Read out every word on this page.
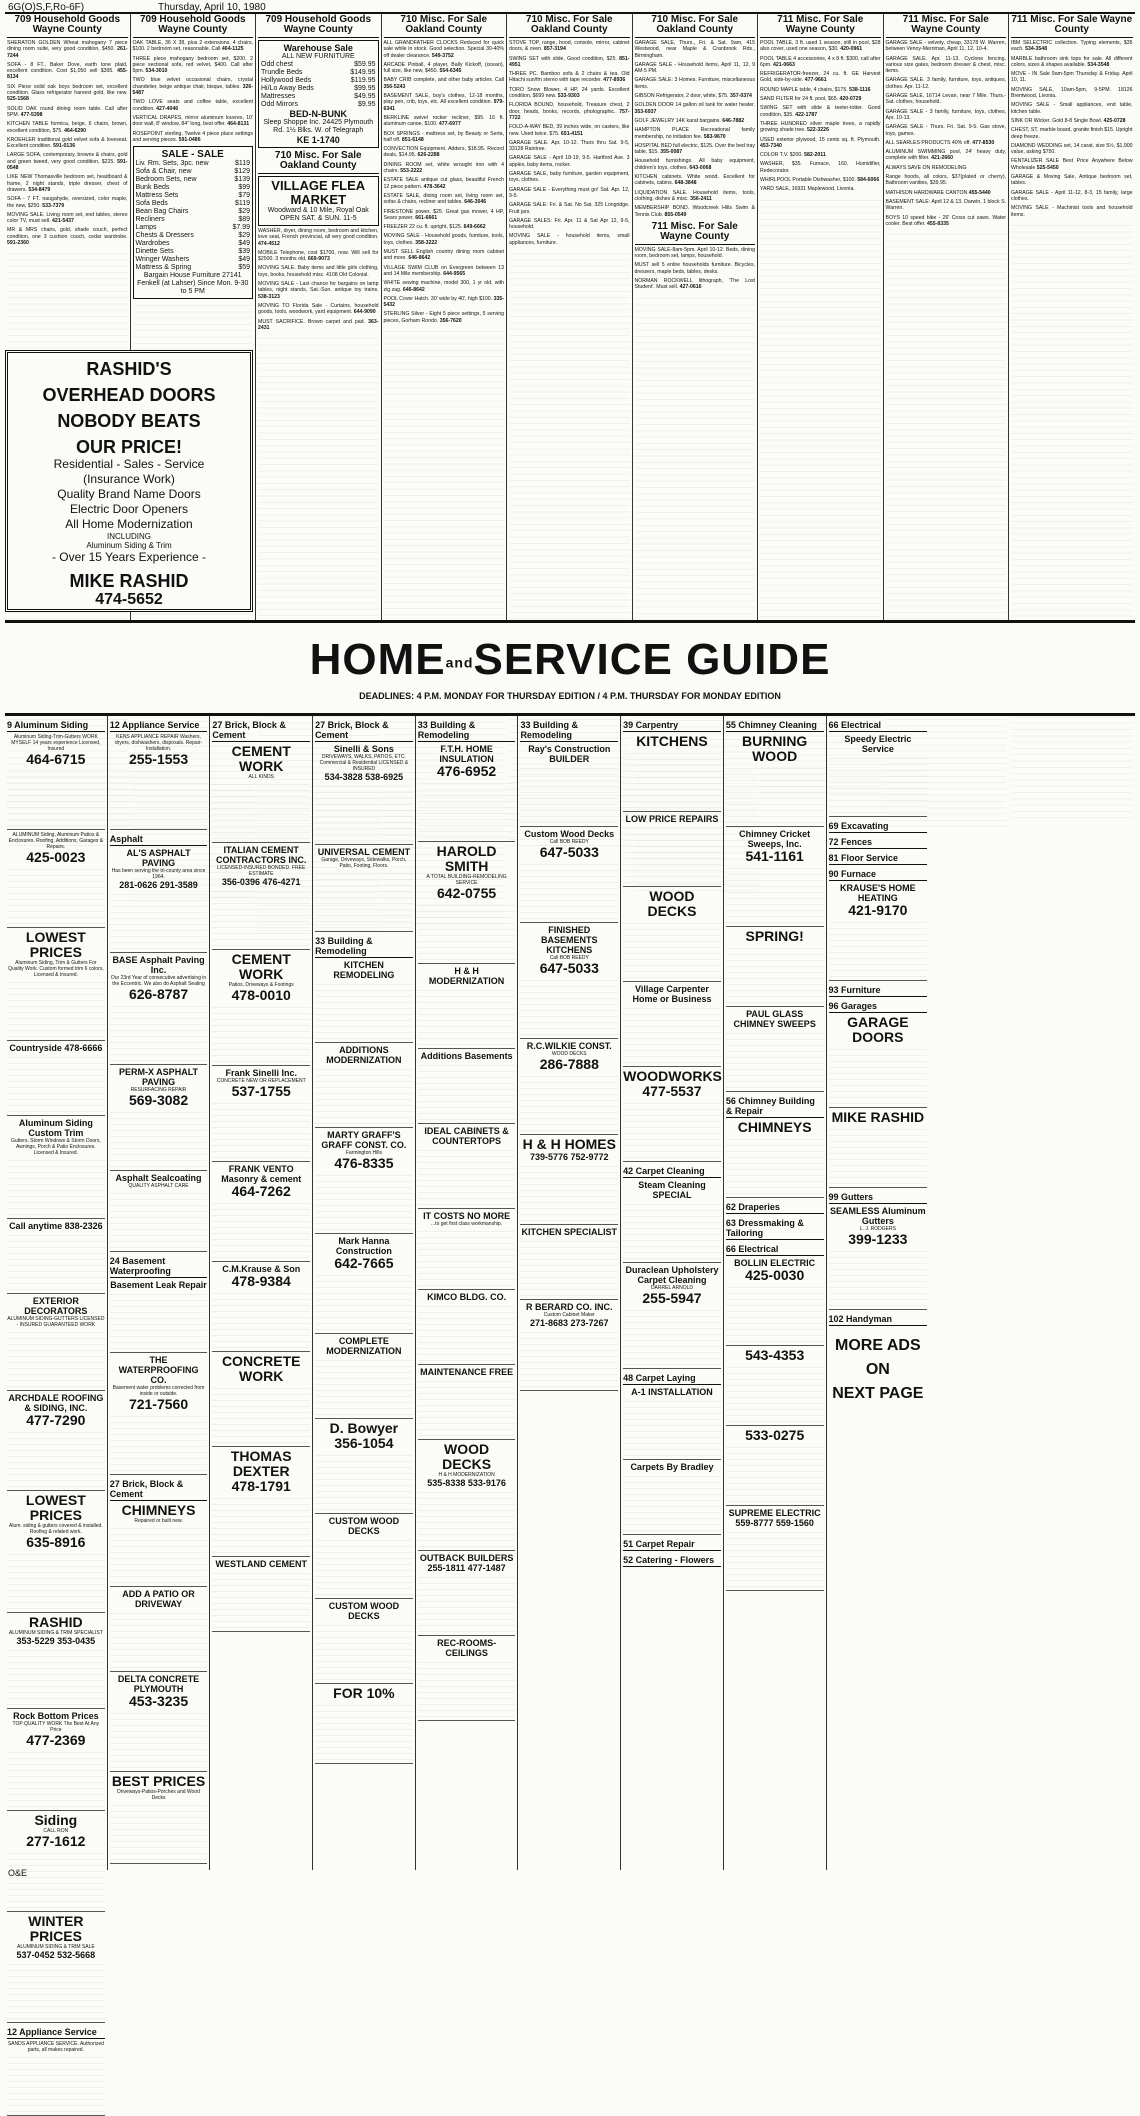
6G(O)S,F,Ro-6F)	Thursday, April 10, 1980
709 Household Goods Wayne County
SHERATON GOLDEN Wheat mahogany 7 piece dining room suite, very good condition, $450. 261-7244
SOFA - 8 FT., Baker Dove, earth tone plaid, excellent condition. Cost $1,050 sell $395. 455-8134
SIX Piece solid oak boys bedroom set, excellent condition. Glass refrigerator harvest gold, like new. 525-1568
SOLID OAK round dining room table. Call after 5PM. 477-5398
KITCHEN TABLE formica, beige, 6 chairs, brown, excellent condition, $75. 464-6290
KROEHLER traditional gold velvet sofa & loveseat. Excellent condition. 591-0136
LARGE SOFA, contemporary, browns & chairs, gold and green tweed, very good condition, $225. 591-0548
LIKE NEW Thomasville bedroom set, headboard & frame, 2 night stands, triple dresser, chest of drawers. 534-8479
SOFA - 7 FT. naugahyde, oversized, color maple, the new, $250. 533-7379
MOVING SALE. Living room set, end tables, stereo color TV, must sell. 421-5437
MR & MRS chairs, gold, shade couch, perfect condition, one 3 cushion couch, cedar wardrobe. 591-2360
709 Household Goods Wayne County
OAK TABLE, 36 X 38, plus 2 extensions, 4 chairs, $100. 2 bedroom set, reasonable. Call 464-1125
THREE piece mahogany bedroom set, $200. 2 piece sectional sofa, red velvet, $400. Call after 5pm. 534-3010
TWO blue velvet occasional chairs, crystal chandelier, beige antique chair, bisque, tables. 326-5487
TWO LOVE seats and coffee table, excellent condition. 427-4046
VERTICAL DRAPES, mirror aluminum louvres, 10' door wall, 8' window, 84" long, best offer. 464-8131
ROSEPOINT sterling, Twelve 4 piece place settings and serving pieces. 591-0486
SALE - SALE
Liv. Rm. Sets, 3pc. new	$119
Sofa & Chair, new	$129
Bedroom Sets, new	$139
Bunk Beds	$99
Mattress Sets	$79
Sofa Beds	$119
Bean Bag Chairs	$29
Recliners	$89
Lamps	$7.99
Chests & Dressers	$29
Wardrobes	$49
Dinette Sets	$39
Wringer Washers	$49
Mattress & Spring	$59
Bargain House Furniture 27141 Fenkell (at Lahser) Since Mon. 9-30 to 5 PM
709 Household Goods Wayne County
Warehouse Sale
ALL NEW FURNITURE
Odd chest	$59.95
Trundle Beds	$149.95
Hollywood Beds	$119.95
Hi/Lo Away Beds	$99.95
Mattresses	$49.95
Odd Mirrors	$9.95
BED-N-BUNK
Sleep Shoppe Inc. 24425 Plymouth Rd. 1½ Blks. W. of Telegraph
KE 1-1740
710 Misc. For Sale Oakland County
VILLAGE FLEA MARKET
Woodward & 10 Mile, Royal Oak OPEN SAT. & SUN. 11-5
WASHER, dryer, dining room, bedroom and kitchen, love seat, French provincial, all very good condition. 474-4512
MOBILE Telephone, cost $1700, now. Will sell for $2500. 3 months old. 669-9073
MOVING SALE. Baby items and little girls clothing, toys, books, household misc. 4108 Old Colonial.
MOVING SALE - Last chance for bargains on lamp tables, night stands, Sat.-Sun. antique toy trains. 538-3123
MOVING TO Florida Sale - Curtains, household goods, tools, woodwork, yard equipment. 644-9090
MUST SACRIFICE. Brown carpet and pad. 363-2431
710 Misc. For Sale Oakland County
ALL GRANDFATHER CLOCKS Reduced for quick sale while in stock. Good selection. Special 30-40% off dealer clearance. 549-3752
ARCADE Pinball, 4 player, Bally Kickoff, (ocean), full size, like new, $450. 554-6345
BABY CRIB complete, and other baby articles. Call 356-5243
BASEMENT SALE, boy's clothes, 12-18 months, play pen, crib, toys, etc. All excellent condition. 979-6341
BERKLINE swivel rocker recliner, $95. 16 ft. aluminum canoe, $100. 477-6977
BOX SPRINGS - mattress set, by Beauty or Serta, half off. 851-6148
CONVECTION Equipment. Adders, $18.95. Record deals, $14.95. 626-2288
DINING ROOM set, white wrought iron with 4 chairs. 553-2222
ESTATE SALE antique cut glass, beautiful French 12 piece pattern. 478-3642
ESTATE SALE, dining room set, living room set, sofas & chairs, recliner and tables. 646-3046
FIRESTONE power, $25. Great gas mower, 4 HP, Sears power. 661-6661
FREEZER 22 cu. ft. upright, $125. 649-6662
MOVING SALE - Household goods, furniture, tools, toys, clothes. 358-3222
MUST SELL English country dining room cabinet and more. 646-8642
VILLAGE SWIM CLUB on Evergreen between 13 and 14 Mile membership. 644-9565
WHITE sewing machine, model 300, 1 yr old, with zig zag. 646-8642
POOL Cover Hatch. 30' wide by 40', high $100. 335-5432
STERLING Silver - Eight 5 piece settings, 5 serving pieces, Gorham Rondo. 356-7620
710 Misc. For Sale Oakland County
STOVE TOP, range, hood, console, mirror, cabinet doors, & oven. 857-3194
SWING SET with slide, Good condition, $25. 851-4951
THREE PC. Bamboo sofa & 2 chairs & tea. Old Hitachi sun/fm stereo with tape recorder. 477-8936
TORO Snow Blower, 4 HP, 24 yards. Excellent condition, $699 new. 533-9303
FLORIDA BOUND, household, Treasure chest, 2 door, heads, books, records, photographic. 757-7722
FOLD-A-WAY BED, 39 inches wide, on casters, like new. Used twice. $75. 651-4151
GARAGE SALE. Apr. 10-12. Thurs thru Sat. 9-5, 33128 Raintree.
GARAGE SALE - April 18-19, 9-5. Hartford Ave. 3 apples, baby items, rocker.
GARAGE SALE, baby furniture, garden equipment, toys, clothes.
GARAGE SALE - Everything must go! Sat. Apr. 12, 9-5.
GARAGE SALE: Fri. & Sat. No Sat. 325 Longridge. Fruit jars.
GARAGE SALES: Fri. Apr. 11 & Sat Apr 12, 9-5, household.
MOVING SALE - household items, small appliances, furniture.
710 Misc. For Sale Oakland County
GARAGE SALE, Thurs., Fri. & Sat. 9am, 415 Westwood, near Maple & Cranbrook Rds., Birmingham.
GARAGE SALE - Household items, April 11, 12, 9 AM-5 PM.
GARAGE SALE: 3 Homes. Furniture, miscellaneous items.
GIBSON Refrigerator, 2 door, white, $75. 357-0374
GOLDEN DOOR 14 gallon oil tank for water heater. 353-6937
GOLF JEWELRY 14K karat bargains. 646-7882
HAMPTON PLACE Recreational family membership, no initiation fee. 583-9670
HOSPITAL BED full electric, $125. Over the bed tray table, $15. 355-0087
Household furnishings. All baby equipment, children's toys, clothes. 643-0068
KITCHEN cabinets. White wood. Excellent for cabinets, cabins. 648-3848
LIQUIDATION SALE. Household items, tools, clothing, dishes & misc. 356-2411
MEMBERSHIP BOND. Woodcreek Hills Swim & Tennis Club. 855-0549
711 Misc. For Sale Wayne County
MOVING SALE-8am-5pm. April 10-12. Beds, dining room, bedroom set, lamps, household.
MUST sell 5 entire households furniture. Bicycles, dressers, maple beds, tables, desks.
NORMAN ROCKWELL lithograph, 'The Lost Student'. Must sell. 427-0616
711 Misc. For Sale Wayne County
POOL TABLE, 3 ft. used 1 season, still in pool, $28 also cover, used one season, $30. 420-0961
POOL TABLE 4 accessories, 4 x 8 ft. $300, call after 6pm. 421-0663
REFRIGERATOR-freezer, 24 cu. ft. GE Harvest Gold, side-by-side. 477-9661
ROUND MAPLE table, 4 chairs, $175. 538-1116
SAND FILTER for 24 ft. pool, $65. 420-0729
SWING SET with slide & teeter-totter. Good condition, $35. 422-1787
THREE HUNDRED silver maple trees, a rapidly growing shade tree. 522-3226
USED exterior plywood, 15 cents sq. ft. Plymouth. 453-7340
COLOR T.V. $200. 582-2011
WASHER, $35. Furnace, 160. Humidifier, Redecorator.
WHIRLPOOL Portable Dishwasher, $100. 584-6066
YARD SALE, 16931 Maplewood, Livonia.
711 Misc. For Sale Wayne County
GARAGE SALE - velvety, cheap, 33178 W. Warren, between Venoy-Merriman, April 11, 12, 10-4.
GARAGE SALE. Apr. 11-13. Cyclone fencing, various size gates, bedroom dresser & chest, misc. items.
GARAGE SALE. 3 family, furniture, toys, antiques, clothes. Apr. 11-12.
GARAGE SALE, 16714 Levan, near 7 Mile. Thurs.-Sat. clothes, household.
GARAGE SALE - 3 family, furniture, toys, clothes, Apr. 10-13.
GARAGE SALE - Thurs. Fri. Sat. 9-5. Gas stove, toys, games.
ALL SEARLES PRODUCTS 40% off. 477-8530
ALUMINUM SWIMMING pool, 24' heavy duty, complete with filter. 421-2660
ALWAYS SAVE ON REMODELING
Range hoods, all colors, $37(plated or cherry), Bathroom vanities, $39.95.
MATHISON HARDWARE CANTON 455-5440
BASEMENT SALE: April 12 & 13. Darwin, 1 block S. Warren.
BOYS 10 speed bike - 26' Cross cut saws. Water cooler. Best offer. 455-8335
711 Misc. For Sale Wayne County
IBM SELECTRIC collection. Typing elements, $35 each. 534-3548
MARBLE bathroom sink tops for sale. All different colors, sizes & shapes available. 534-3548
MOVE - IN Sale 9am-5pm Thursday & Friday. April 10, 11.
MOVING SALE, 10am-5pm, 9-5PM. 18126 Brentwood, Livonia.
MOVING SALE - Small appliances, end table, kitchen table.
SINK OR Wicker. Gold 8-8 Single Bowl. 425-0728
CHEST, ST. marble board, granite finish $15. Upright deep freeze.
DIAMOND WEDDING set, 14 carat, size 5½, $1,900 value, asking $750.
FENTALIZER SALE Best Price Anywhere Below Wholesale 525-5450
GARAGE & Moving Sale, Antique bedroom set, tables.
GARAGE SALE - April 11-12, 8-3, 15 family, large clothes.
MOVING SALE - Machinist tools and household items.
RASHID'S
OVERHEAD DOORS
NOBODY BEATS
OUR PRICE!
Residential - Sales - Service
(Insurance Work)
Quality Brand Name Doors
Electric Door Openers
All Home Modernization
INCLUDING
Aluminum Siding & Trim
- Over 15 Years Experience -
MIKE RASHID
474-5652
HOMEandSERVICE GUIDE
DEADLINES: 4 P.M. MONDAY FOR THURSDAY EDITION / 4 P.M. THURSDAY FOR MONDAY EDITION
9 Aluminum Siding
Aluminum Siding-Trim-Gutters WORK MYSELF 14 years experience Licensed, Insured
464-6715
ALUMINUM Siding, Aluminum Patios & Enclosures. Roofing, Additions, Garages & Repairs.
425-0023
LOWEST PRICES
Aluminum Siding, Trim & Gutters For Quality Work. Custom formed trim 6 colors, Licensed & Insured.
Countryside 478-6666
Aluminum Siding Custom Trim
Gutters, Storm Windows & Storm Doors, Awnings, Porch & Patio Enclosures. Licensed & Insured.
Call anytime 838-2326
EXTERIOR DECORATORS
ALUMINUM SIDING-GUTTERS LICENSED - INSURED GUARANTEED WORK
ARCHDALE ROOFING & SIDING, INC.
477-7290
LOWEST PRICES
Alum. siding & gutters covered & installed. Roofing & related work.
635-8916
RASHID
ALUMINUM SIDING & TRIM SPECIALIST
353-5229 353-0435
Rock Bottom Prices
TOP QUALITY WORK The Best At Any Price
477-2369
Siding
CALL RON
277-1612
WINTER PRICES
ALUMINUM SIDING & TRIM SALE
537-0452 532-5668
12 Appliance Service
SANDS APPLIANCE SERVICE. Authorized parts, all makes repaired.
12 Appliance Service
KENS APPLIANCE REPAIR Washers, dryers, dishwashers, disposals. Repair-Installation.
255-1553
Asphalt
AL'S ASPHALT PAVING
Has been serving the tri-county area since 1964.
281-0626 291-3589
BASE Asphalt Paving Inc.
Our 23rd Year of consecutive advertising in the Eccentric. We also do Asphalt Sealing
626-8787
PERM-X ASPHALT PAVING
RESURFACING REPAIR
569-3082
Asphalt Sealcoating
QUALITY ASPHALT CARE
24 Basement Waterproofing
Basement Leak Repair
THE WATERPROOFING CO.
Basement water problems corrected from inside or outside.
721-7560
27 Brick, Block & Cement
CHIMNEYS
Repaired or built new.
ADD A PATIO OR DRIVEWAY
DELTA CONCRETE PLYMOUTH
453-3235
BEST PRICES
Driveways-Patios-Porches and Wood Decks
27 Brick, Block & Cement
CEMENT WORK
ALL KINDS
ITALIAN CEMENT CONTRACTORS INC.
LICENSED-INSURED BONDED. FREE ESTIMATE
356-0396 476-4271
CEMENT WORK
Patios, Driveways & Footings
478-0010
Frank Sinelli Inc.
CONCRETE NEW OR REPLACEMENT
537-1755
FRANK VENTO Masonry & cement
464-7262
C.M.Krause & Son
478-9384
CONCRETE WORK
THOMAS DEXTER
478-1791
WESTLAND CEMENT
27 Brick, Block & Cement
Sinelli & Sons
DRIVEWAYS, WALKS, PATIOS, ETC. Commercial & Residential LICENSED & INSURED
534-3828 538-6925
UNIVERSAL CEMENT
Garage, Driveways, Sidewalks, Porch, Patio, Footing, Floors.
33 Building & Remodeling
KITCHEN REMODELING
ADDITIONS MODERNIZATION
MARTY GRAFF'S GRAFF CONST. CO.
Farmington Hills
476-8335
Mark Hanna Construction
642-7665
COMPLETE MODERNIZATION
D. Bowyer
356-1054
CUSTOM WOOD DECKS
CUSTOM WOOD DECKS
FOR 10%
33 Building & Remodeling
F.T.H. HOME INSULATION
476-6952
HAROLD SMITH
A TOTAL BUILDING-REMODELING SERVICE
642-0755
H & H MODERNIZATION
Additions Basements
IDEAL CABINETS & COUNTERTOPS
IT COSTS NO MORE
...to get first class workmanship.
KIMCO BLDG. CO.
MAINTENANCE FREE
WOOD DECKS
H & H MODERNIZATION
535-8338 533-9176
OUTBACK BUILDERS
255-1811 477-1487
REC-ROOMS-CEILINGS
33 Building & Remodeling
Ray's Construction BUILDER
Custom Wood Decks
Call BOB REEDY
647-5033
FINISHED BASEMENTS KITCHENS
Call BOB REEDY
647-5033
R.C.WILKIE CONST.
WOOD DECKS
286-7888
H & H HOMES
739-5776 752-9772
KITCHEN SPECIALIST
R BERARD CO. INC.
Custom Cabinet Maker
271-8683 273-7267
39 Carpentry
KITCHENS
LOW PRICE REPAIRS
WOOD DECKS
Village Carpenter Home or Business
WOODWORKS
477-5537
42 Carpet Cleaning
Steam Cleaning SPECIAL
Duraclean Upholstery Carpet Cleaning
DARREL ARNOLD
255-5947
48 Carpet Laying
A-1 INSTALLATION
Carpets By Bradley
51 Carpet Repair
52 Catering - Flowers
55 Chimney Cleaning
BURNING WOOD
Chimney Cricket Sweeps, Inc.
541-1161
SPRING!
PAUL GLASS CHIMNEY SWEEPS
56 Chimney Building & Repair
CHIMNEYS
62 Draperies
63 Dressmaking & Tailoring
66 Electrical
BOLLIN ELECTRIC
425-0030
543-4353
533-0275
SUPREME ELECTRIC
559-8777 559-1560
66 Electrical
Speedy Electric Service
69 Excavating
72 Fences
81 Floor Service
90 Furnace
KRAUSE'S HOME HEATING
421-9170
93 Furniture
96 Garages
GARAGE DOORS
MIKE RASHID
99 Gutters
SEAMLESS Aluminum Gutters
L. J. RODGERS
399-1233
102 Handyman
MORE ADS
ON
NEXT PAGE
O&E
